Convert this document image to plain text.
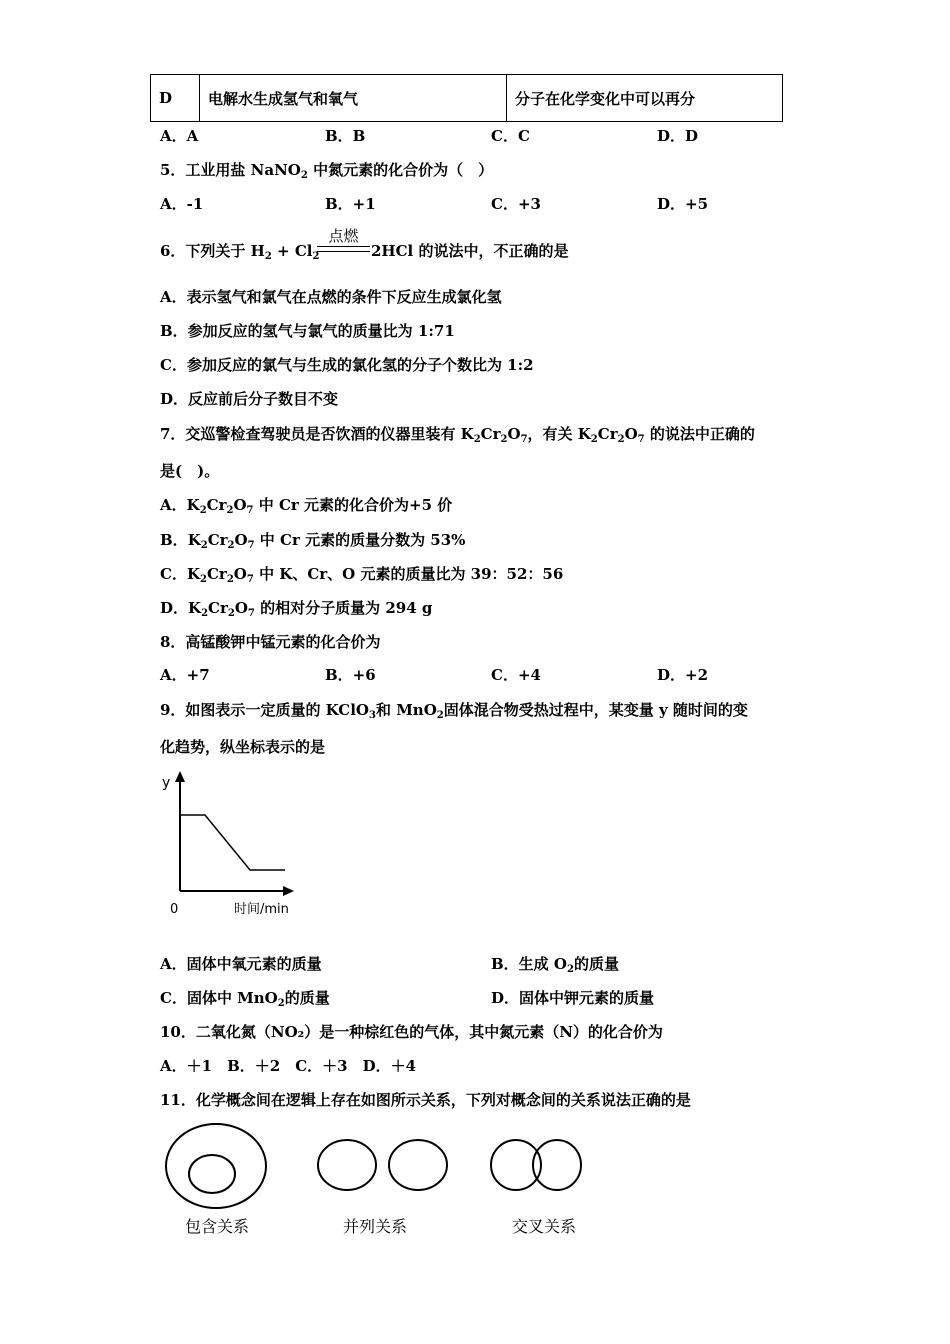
D	电解水生成氢气和氧气	分子在化学变化中可以再分
A．A	B．B	C．C	D．D
5．工业用盐 NaNO$_2$ 中氮元素的化合价为（　）
A．-1	B．+1	C．+3	D．+5
6．下列关于 $H_2 + Cl_2$
点燃
2HCl 的说法中，不正确的是
A．表示氢气和氯气在点燃的条件下反应生成氯化氢
B．参加反应的氢气与氯气的质量比为 1:71
C．参加反应的氯气与生成的氯化氢的分子个数比为 1:2
D．反应前后分子数目不变
7．交巡警检查驾驶员是否饮酒的仪器里装有 $K_2Cr_2O_7$，有关 $K_2Cr_2O_7$ 的说法中正确的
是(　)。
A．$K_2Cr_2O_7$ 中 Cr 元素的化合价为+5 价
B．$K_2Cr_2O_7$ 中 Cr 元素的质量分数为 53%
C．$K_2Cr_2O_7$ 中 K、Cr、O 元素的质量比为 39：52：56
D．$K_2Cr_2O_7$ 的相对分子质量为 294 g
8．高锰酸钾中锰元素的化合价为
A．+7	B．+6	C．+4	D．+2
9．如图表示一定质量的 KClO$_3$和 MnO$_2$固体混合物受热过程中，某变量 y 随时间的变
化趋势，纵坐标表示的是
y
0	时间/min
A．固体中氧元素的质量	B．生成 $O_2$的质量
C．固体中 MnO$_2$的质量	D．固体中钾元素的质量
10．二氧化氮（NO₂）是一种棕红色的气体，其中氮元素（N）的化合价为
A．＋1　B．＋2　C．＋3　D．＋4
11．化学概念间在逻辑上存在如图所示关系，下列对概念间的关系说法正确的是
包含关系	并列关系	交叉关系
